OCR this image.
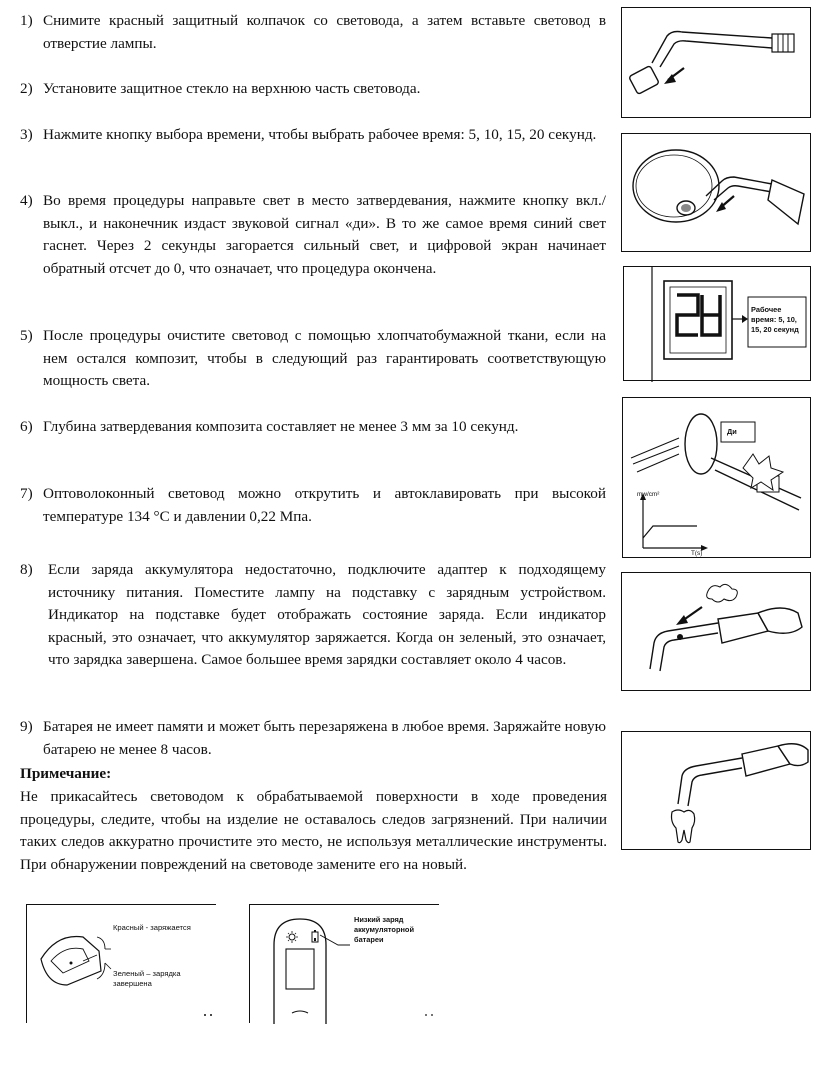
1) Снимите красный защитный колпачок со световода, а затем вставьте световод в отверстие лампы.
2) Установите защитное стекло на верхнюю часть световода.
3) Нажмите кнопку выбора времени, чтобы выбрать рабочее время: 5, 10, 15, 20 секунд.
4) Во время процедуры направьте свет в место затвердевания, нажмите кнопку вкл./выкл., и наконечник издаст звуковой сигнал «ди». В то же самое время синий свет гаснет. Через 2 секунды загорается сильный свет, и цифровой экран начинает обратный отсчет до 0, что означает, что процедура окончена.
5) После процедуры очистите световод с помощью хлопчатобумажной ткани, если на нем остался композит, чтобы в следующий раз гарантировать соответствующую мощность света.
6) Глубина затвердевания композита составляет не менее 3 мм за 10 секунд.
7) Оптоволоконный световод можно открутить и автоклавировать при высокой температуре 134 °C и давлении 0,22 Мпа.
8)	Если заряда аккумулятора недостаточно, подключите адаптер к подходящему источнику питания. Поместите лампу на подставку с зарядным устройством. Индикатор на подставке будет отображать состояние заряда. Если индикатор красный, это означает, что аккумулятор заряжается. Когда он зеленый, это означает, что зарядка завершена. Самое большее время зарядки составляет около 4 часов.
9) Батарея не имеет памяти и может быть перезаряжена в любое время. Заряжайте новую батарею не менее 8 часов.
Примечание:
Не прикасайтесь световодом к обрабатываемой поверхности в ходе проведения процедуры, следите, чтобы на изделие не оставалось следов загрязнений. При наличии таких следов аккуратно прочистите это место, не используя металлические инструменты. При обнаружении повреждений на световоде замените его на новый.
Рабочее время: 5, 10, 15, 20 секунд
Ди
mw/cm²
T(s)
Красный - заряжается
Зеленый – зарядка завершена
Низкий заряд аккумуляторной батареи
